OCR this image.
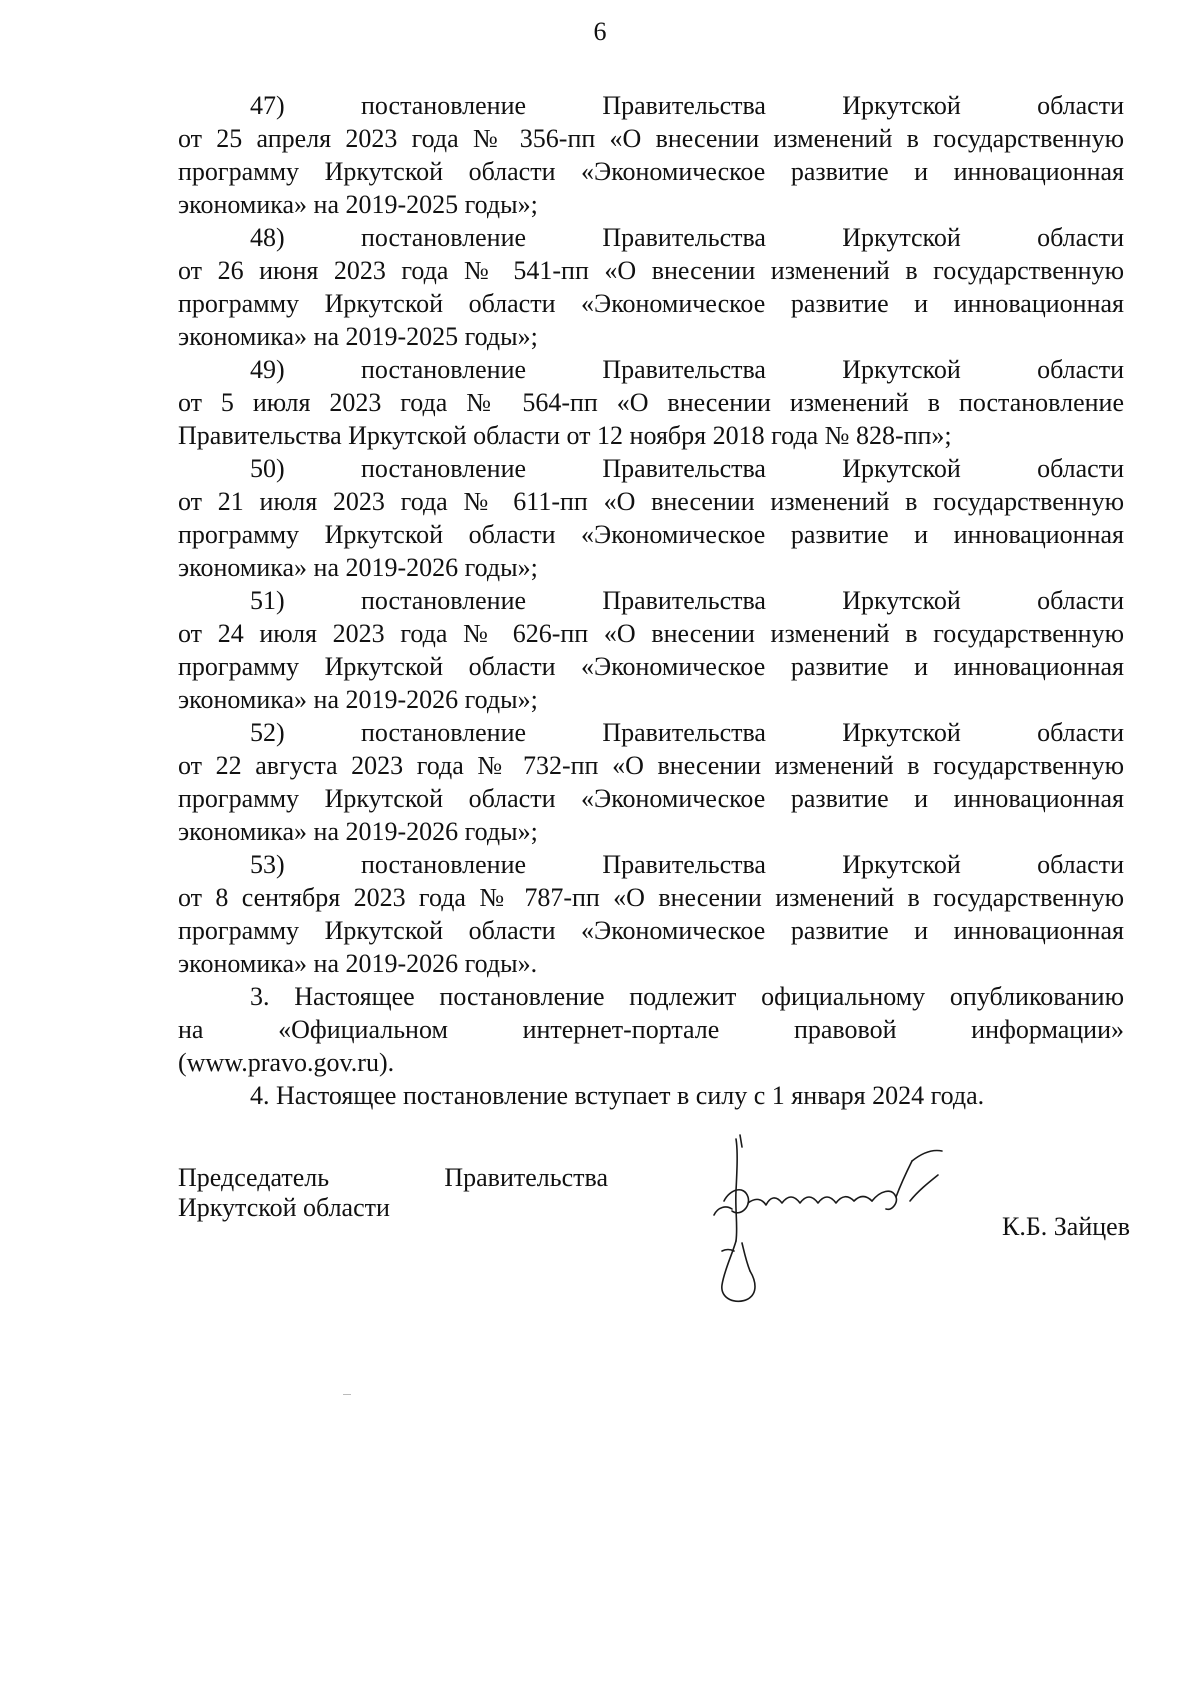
6
47)         постановление         Правительства         Иркутской         области
от 25 апреля 2023 года № 356-пп «О внесении изменений в государственную
программу Иркутской области «Экономическое развитие и инновационная
экономика» на 2019-2025 годы»;
48)         постановление         Правительства         Иркутской         области
от 26 июня 2023 года № 541-пп «О внесении изменений в государственную
программу Иркутской области «Экономическое развитие и инновационная
экономика» на 2019-2025 годы»;
49)         постановление         Правительства         Иркутской         области
от 5 июля 2023 года № 564-пп «О внесении изменений в постановление
Правительства Иркутской области от 12 ноября 2018 года № 828-пп»;
50)         постановление         Правительства         Иркутской         области
от 21 июля 2023 года № 611-пп «О внесении изменений в государственную
программу Иркутской области «Экономическое развитие и инновационная
экономика» на 2019-2026 годы»;
51)         постановление         Правительства         Иркутской         области
от 24 июля 2023 года № 626-пп «О внесении изменений в государственную
программу Иркутской области «Экономическое развитие и инновационная
экономика» на 2019-2026 годы»;
52)         постановление         Правительства         Иркутской         области
от 22 августа 2023 года № 732-пп «О внесении изменений в государственную
программу Иркутской области «Экономическое развитие и инновационная
экономика» на 2019-2026 годы»;
53)         постановление         Правительства         Иркутской         области
от 8 сентября 2023 года № 787-пп «О внесении изменений в государственную
программу Иркутской области «Экономическое развитие и инновационная
экономика» на 2019-2026 годы».
3. Настоящее постановление подлежит официальному опубликованию
на       «Официальном       интернет-портале       правовой       информации»
(www.pravo.gov.ru).
4. Настоящее постановление вступает в силу с 1 января 2024 года.
Председатель              Правительства
Иркутской области
К.Б. Зайцев
